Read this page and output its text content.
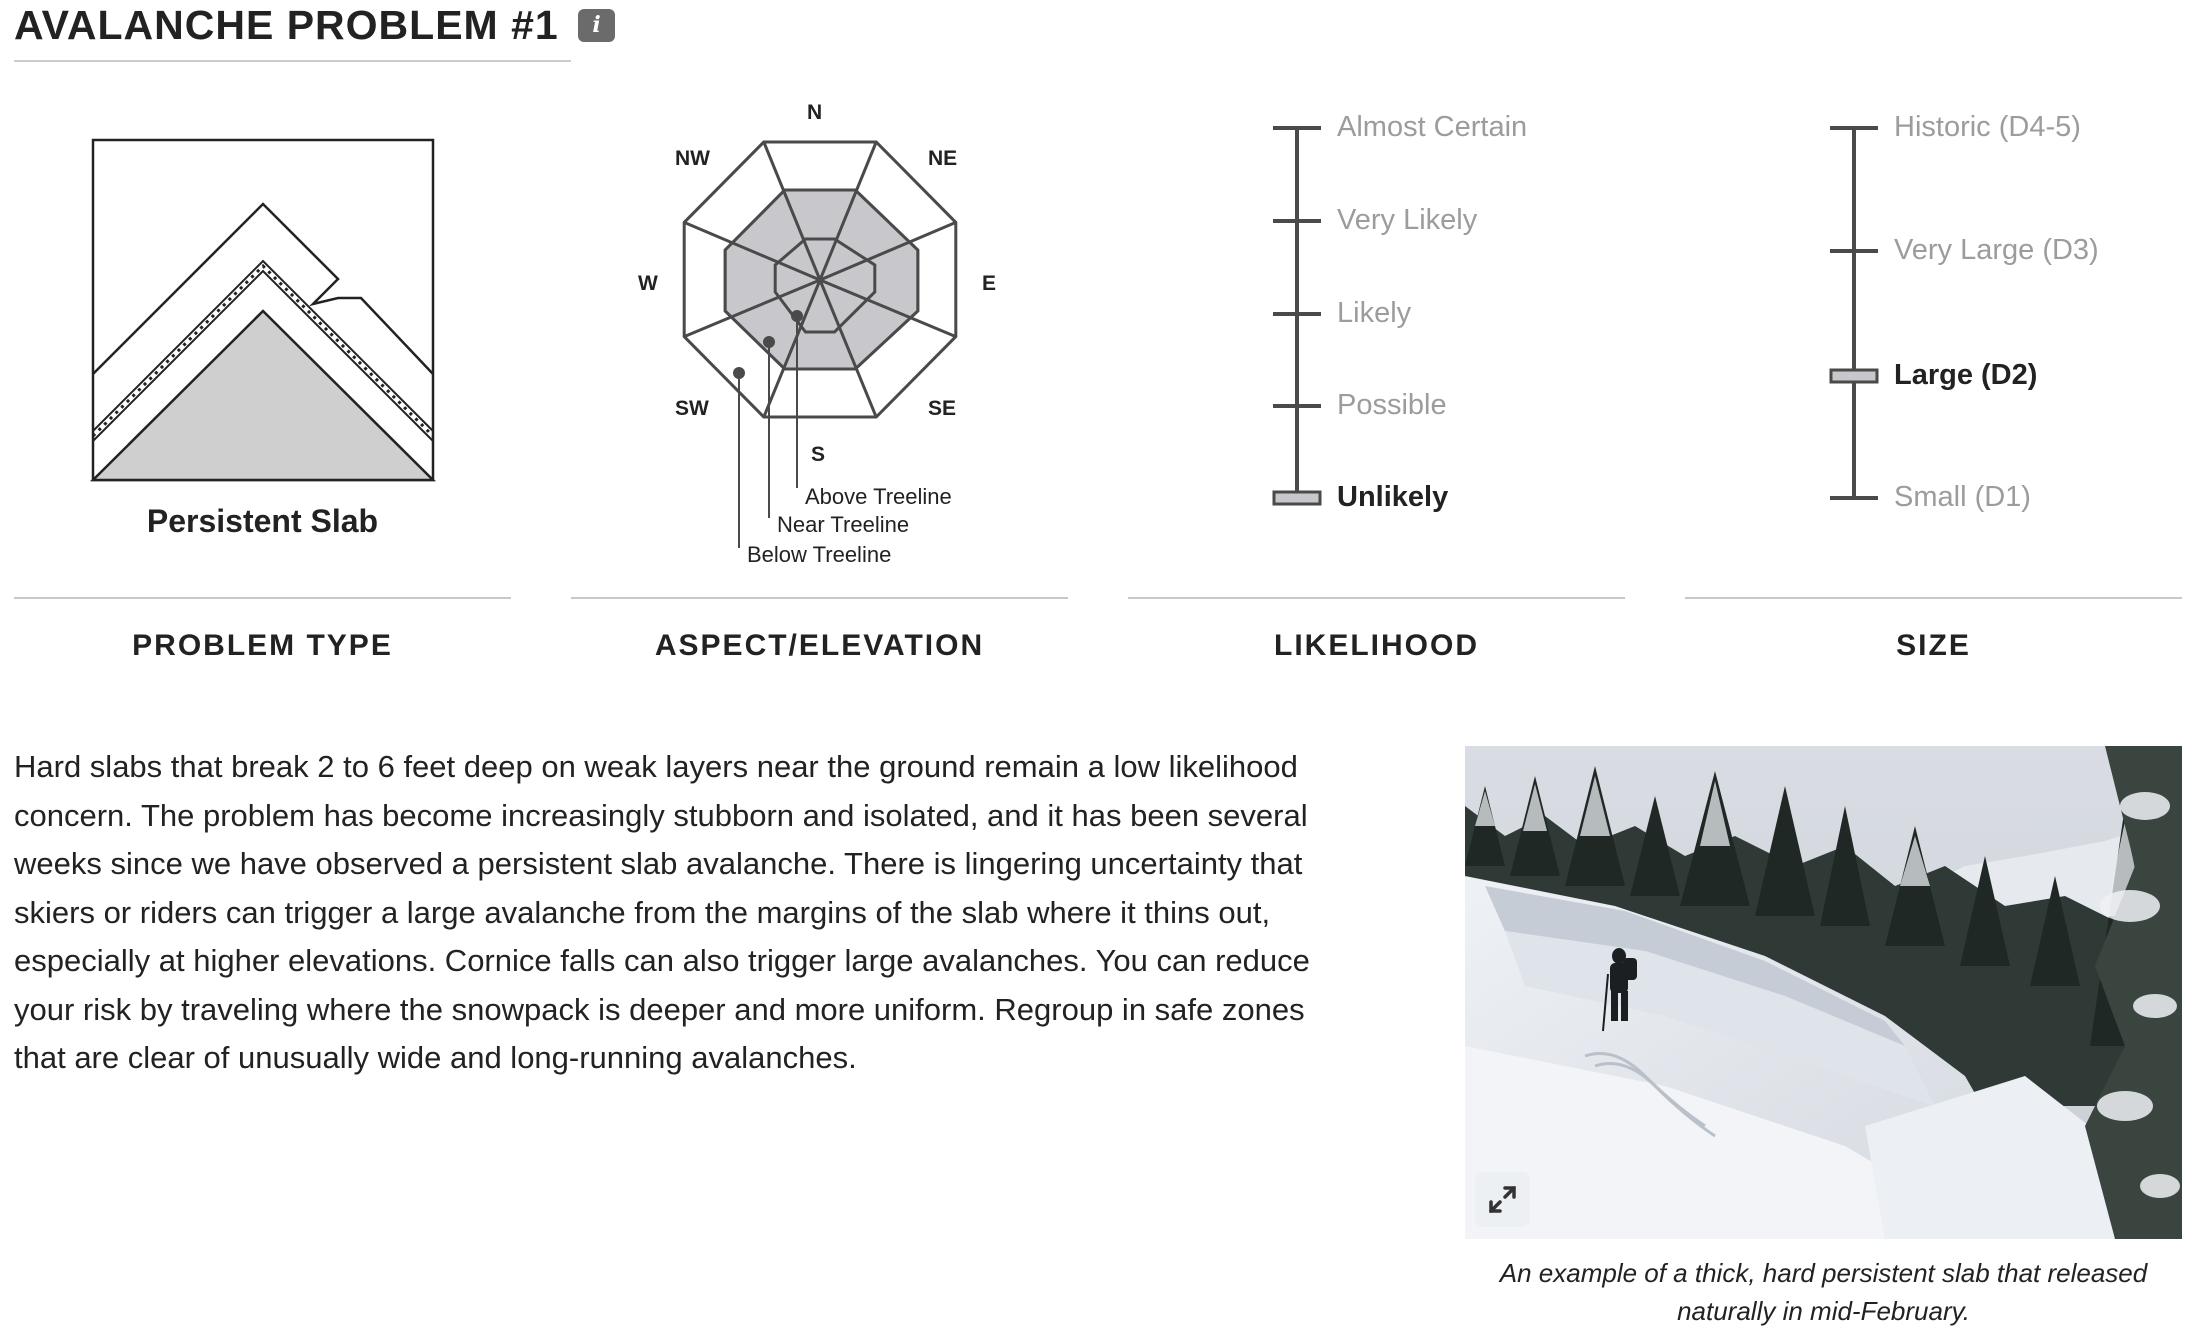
AVALANCHE PROBLEM #1	i
Persistent Slab
N
NE
E
SE
S
SW
W
NW
Above Treeline
Near Treeline
Below Treeline
Almost Certain
Very Likely
Likely
Possible
Unlikely
Historic (D4-5)
Very Large (D3)
Large (D2)
Small (D1)
PROBLEM TYPE	ASPECT/ELEVATION	LIKELIHOOD	SIZE
Hard slabs that break 2 to 6 feet deep on weak layers near the ground remain a low likelihood concern. The problem has become increasingly stubborn and isolated, and it has been several weeks since we have observed a persistent slab avalanche. There is lingering uncertainty that skiers or riders can trigger a large avalanche from the margins of the slab where it thins out, especially at higher elevations. Cornice falls can also trigger large avalanches. You can reduce your risk by traveling where the snowpack is deeper and more uniform. Regroup in safe zones that are clear of unusually wide and long-running avalanches.
An example of a thick, hard persistent slab that released naturally in mid-February.
